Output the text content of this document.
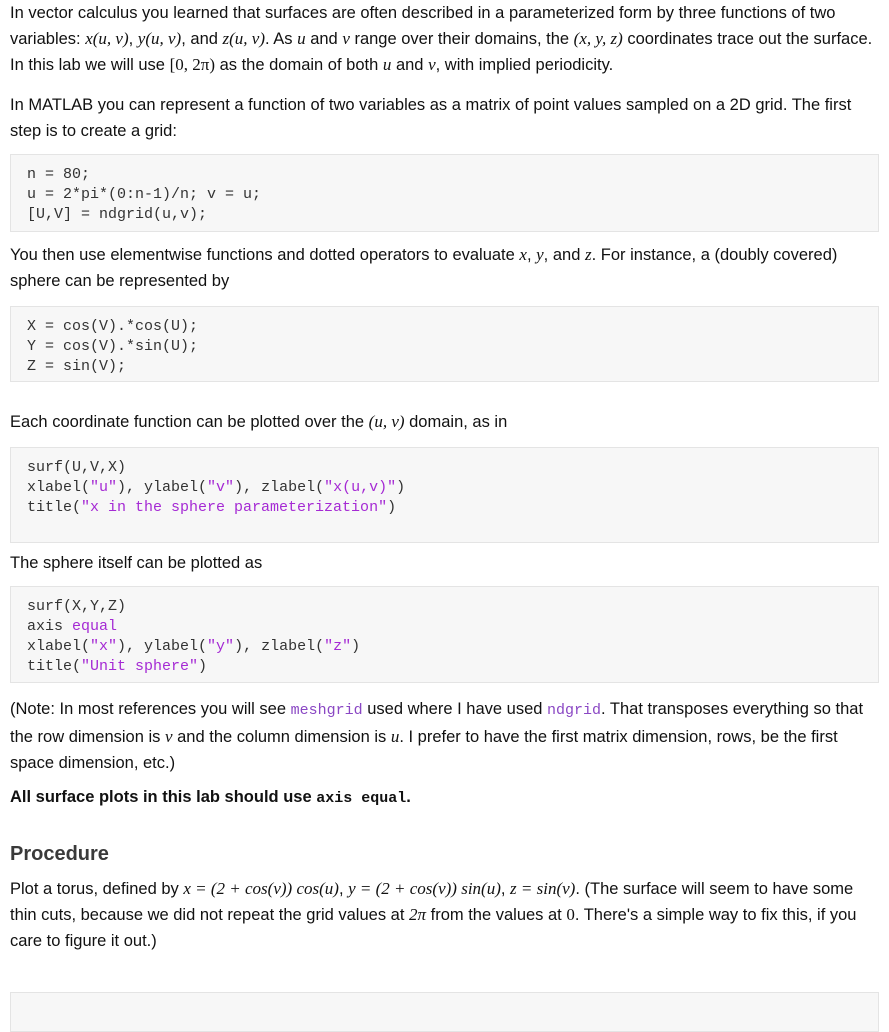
In vector calculus you learned that surfaces are often described in a parameterized form by three functions of two variables: x(u, v), y(u, v), and z(u, v). As u and v range over their domains, the (x, y, z) coordinates trace out the surface. In this lab we will use [0, 2π) as the domain of both u and v, with implied periodicity.

In MATLAB you can represent a function of two variables as a matrix of point values sampled on a 2D grid. The first step is to create a grid:

n = 80;
u = 2*pi*(0:n-1)/n; v = u;
[U,V] = ndgrid(u,v);

You then use elementwise functions and dotted operators to evaluate x, y, and z. For instance, a (doubly covered) sphere can be represented by

X = cos(V).*cos(U);
Y = cos(V).*sin(U);
Z = sin(V);

Each coordinate function can be plotted over the (u, v) domain, as in

surf(U,V,X)
xlabel("u"), ylabel("v"), zlabel("x(u,v)")
title("x in the sphere parameterization")

The sphere itself can be plotted as

surf(X,Y,Z)
axis equal
xlabel("x"), ylabel("y"), zlabel("z")
title("Unit sphere")

(Note: In most references you will see meshgrid used where I have used ndgrid. That transposes everything so that the row dimension is v and the column dimension is u. I prefer to have the first matrix dimension, rows, be the first space dimension, etc.)

All surface plots in this lab should use axis equal.

Procedure

Plot a torus, defined by x = (2 + cos(v)) cos(u), y = (2 + cos(v)) sin(u), z = sin(v). (The surface will seem to have some thin cuts, because we did not repeat the grid values at 2π from the values at 0. There's a simple way to fix this, if you care to figure it out.)
